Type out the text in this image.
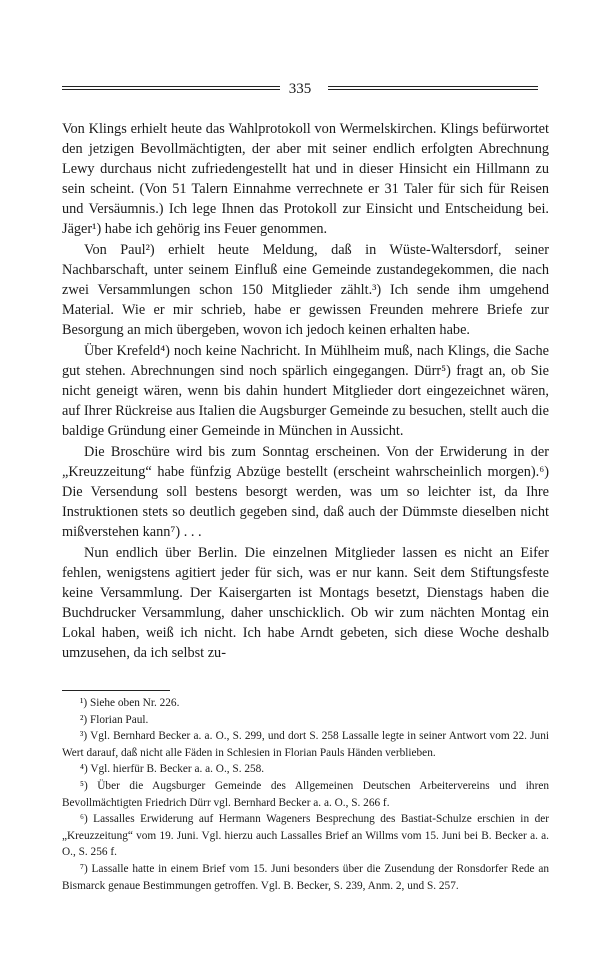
335

Von Klings erhielt heute das Wahlprotokoll von Wermelskirchen. Klings befürwortet den jetzigen Bevollmächtigten, der aber mit seiner endlich erfolgten Abrechnung Lewy durchaus nicht zufriedengestellt hat und in dieser Hinsicht ein Hillmann zu sein scheint. (Von 51 Talern Einnahme verrechnete er 31 Taler für sich für Reisen und Versäumnis.) Ich lege Ihnen das Protokoll zur Einsicht und Entscheidung bei. Jäger¹) habe ich gehörig ins Feuer genommen.

Von Paul²) erhielt heute Meldung, daß in Wüste-Waltersdorf, seiner Nachbarschaft, unter seinem Einfluß eine Gemeinde zustandegekommen, die nach zwei Versammlungen schon 150 Mitglieder zählt.³) Ich sende ihm umgehend Material. Wie er mir schrieb, habe er gewissen Freunden mehrere Briefe zur Besorgung an mich übergeben, wovon ich jedoch keinen erhalten habe.

Über Krefeld⁴) noch keine Nachricht. In Mühlheim muß, nach Klings, die Sache gut stehen. Abrechnungen sind noch spärlich eingegangen. Dürr⁵) fragt an, ob Sie nicht geneigt wären, wenn bis dahin hundert Mitglieder dort eingezeichnet wären, auf Ihrer Rückreise aus Italien die Augsburger Gemeinde zu besuchen, stellt auch die baldige Gründung einer Gemeinde in München in Aussicht.

Die Broschüre wird bis zum Sonntag erscheinen. Von der Erwiderung in der „Kreuzzeitung“ habe fünfzig Abzüge bestellt (erscheint wahrscheinlich morgen).⁶) Die Versendung soll bestens besorgt werden, was um so leichter ist, da Ihre Instruktionen stets so deutlich gegeben sind, daß auch der Dümmste dieselben nicht mißverstehen kann⁷) . . .

Nun endlich über Berlin. Die einzelnen Mitglieder lassen es nicht an Eifer fehlen, wenigstens agitiert jeder für sich, was er nur kann. Seit dem Stiftungsfeste keine Versammlung. Der Kaisergarten ist Montags besetzt, Dienstags haben die Buchdrucker Versammlung, daher unschicklich. Ob wir zum nächten Montag ein Lokal haben, weiß ich nicht. Ich habe Arndt gebeten, sich diese Woche deshalb umzusehen, da ich selbst zu-

¹) Siehe oben Nr. 226.

²) Florian Paul.

³) Vgl. Bernhard Becker a. a. O., S. 299, und dort S. 258 Lassalle legte in seiner Antwort vom 22. Juni Wert darauf, daß nicht alle Fäden in Schlesien in Florian Pauls Händen verblieben.

⁴) Vgl. hierfür B. Becker a. a. O., S. 258.

⁵) Über die Augsburger Gemeinde des Allgemeinen Deutschen Arbeitervereins und ihren Bevollmächtigten Friedrich Dürr vgl. Bernhard Becker a. a. O., S. 266 f.

⁶) Lassalles Erwiderung auf Hermann Wageners Besprechung des Bastiat-Schulze erschien in der „Kreuzzeitung“ vom 19. Juni. Vgl. hierzu auch Lassalles Brief an Willms vom 15. Juni bei B. Becker a. a. O., S. 256 f.

⁷) Lassalle hatte in einem Brief vom 15. Juni besonders über die Zusendung der Ronsdorfer Rede an Bismarck genaue Bestimmungen getroffen. Vgl. B. Becker, S. 239, Anm. 2, und S. 257.
